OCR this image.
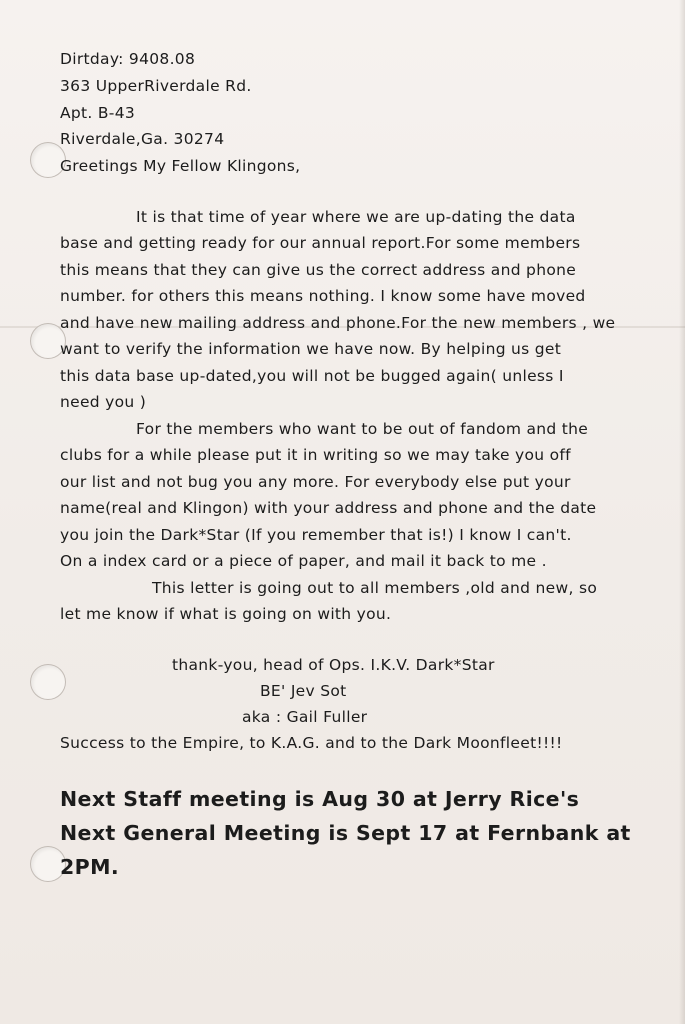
Dirtday: 9408.08
363 UpperRiverdale Rd.
Apt. B-43
Riverdale,Ga. 30274
Greetings My Fellow Klingons,
It is that time of year where we are up-dating the data
base and getting ready for our annual report.For some members
this means that they can give us the correct address and phone
number. for others this means nothing. I know some have moved
and have new mailing address and phone.For the new members , we
want to verify the information we have now. By helping us get
this data base up-dated,you will not be bugged again( unless I
need you )
For the members who want to be out of fandom and the
clubs for a while please put it in writing so we may take you off
our list and not bug you any more. For everybody else put your
name(real and Klingon) with your address and phone and the date
you join the Dark*Star (If you remember that is!) I know I can't.
On a index card or a piece of paper, and mail it back to me .
This letter is going out to all members ,old and new, so
let me know if what is going on with you.
thank-you, head of Ops. I.K.V. Dark*Star
BE' Jev Sot
aka : Gail Fuller
Success to the Empire, to K.A.G. and to the Dark Moonfleet!!!!
Next Staff meeting is Aug 30 at Jerry Rice's
Next General Meeting is Sept 17 at Fernbank at
2PM.
